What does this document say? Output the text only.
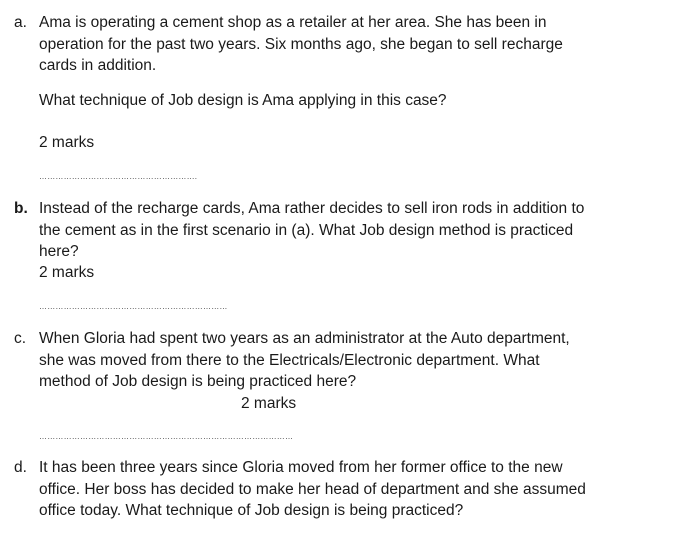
a. Ama is operating a cement shop as a retailer at her area. She has been in
operation for the past two years. Six months ago, she began to sell recharge
cards in addition.
What technique of Job design is Ama applying in this case?
2 marks
………………………………………………….
b. Instead of the recharge cards, Ama rather decides to sell iron rods in addition to
the cement as in the first scenario in (a). What Job design method is practiced
here?
2 marks
……………………………………………………………
c. When Gloria had spent two years as an administrator at the Auto department,
she was moved from there to the Electricals/Electronic department. What
method of Job design is being practiced here?
2 marks
…………………………………………………………………………………
d. It has been three years since Gloria moved from her former office to the new
office. Her boss has decided to make her head of department and she assumed
office today. What technique of Job design is being practiced?
